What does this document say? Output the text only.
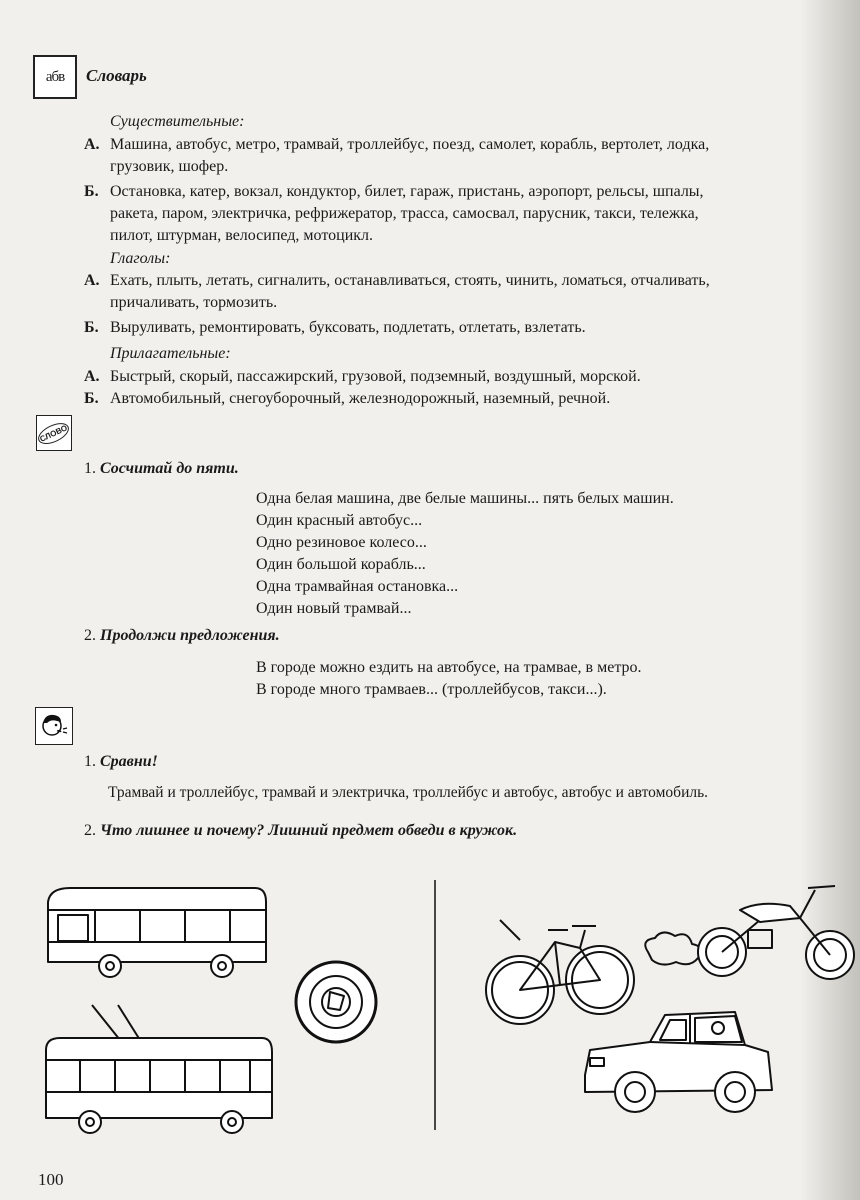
абв Словарь
Существительные:
А. Машина, автобус, метро, трамвай, троллейбус, поезд, самолет, корабль, вертолет, лодка,
грузовик, шофер.
Б. Остановка, катер, вокзал, кондуктор, билет, гараж, пристань, аэропорт, рельсы, шпалы,
ракета, паром, электричка, рефрижератор, трасса, самосвал, парусник, такси, тележка,
пилот, штурман, велосипед, мотоцикл.
Глаголы:
А. Ехать, плыть, летать, сигналить, останавливаться, стоять, чинить, ломаться, отчаливать,
причаливать, тормозить.
Б. Выруливать, ремонтировать, буксовать, подлетать, отлетать, взлетать.
Прилагательные:
А. Быстрый, скорый, пассажирский, грузовой, подземный, воздушный, морской.
Б. Автомобильный, снегоуборочный, железнодорожный, наземный, речной.
СЛОВО
1. Сосчитай до пяти.
Одна белая машина, две белые машины... пять белых машин.
Один красный автобус...
Одно резиновое колесо...
Один большой корабль...
Одна трамвайная остановка...
Один новый трамвай...
2. Продолжи предложения.
В городе можно ездить на автобусе, на трамвае, в метро.
В городе много трамваев... (троллейбусов, такси...).
1. Сравни!
Трамвай и троллейбус, трамвай и электричка, троллейбус и автобус, автобус и автомобиль.
2. Что лишнее и почему? Лишний предмет обведи в кружок.
100
